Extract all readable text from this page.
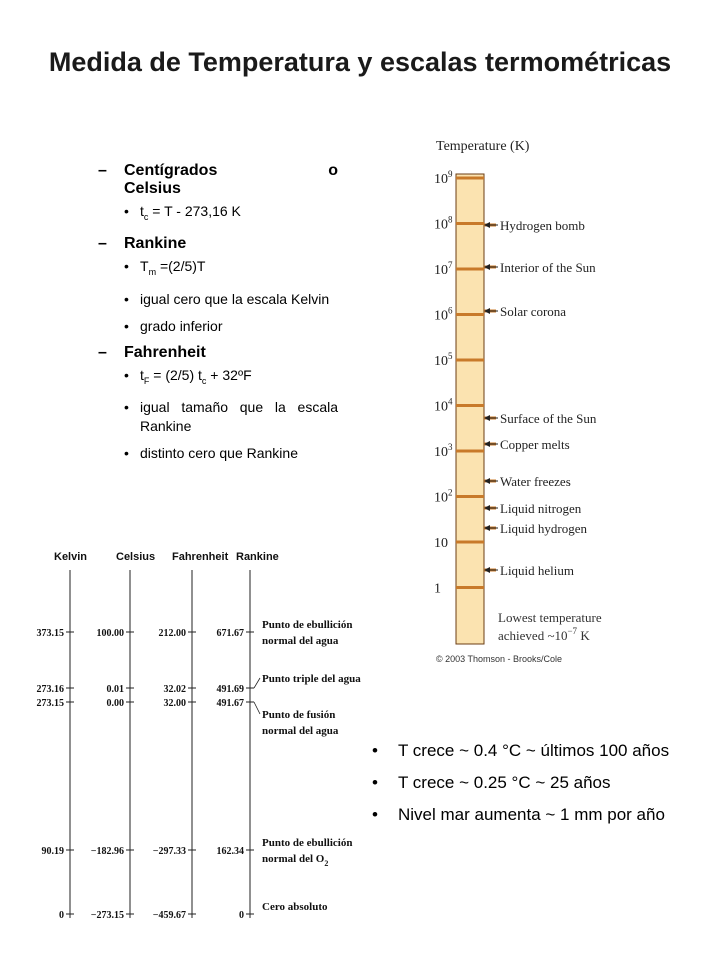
Medida de Temperatura y escalas termométricas
– Centígrados	o
Celsius
• $t_c = T - 273,16$ K
– Rankine
• $T_m =(2/5)T$
• igual cero que la escala Kelvin
• grado inferior
– Fahrenheit
• $t_F = (2/5) t_c$ + 32ºF
• igual tamaño que la escala Rankine
• distinto cero que Rankine
Temperature (K)
$10^9$
$10^8$
$10^7$
$10^6$
$10^5$
$10^4$
$10^3$
$10^2$
10
1
Hydrogen bomb
Interior of the Sun
Solar corona
Surface of the Sun
Copper melts
Water freezes
Liquid nitrogen
Liquid hydrogen
Liquid helium
Lowest temperature
achieved $\sim 10^{-7}$ K
© 2003 Thomson - Brooks/Cole
Kelvin	Celsius Fahrenheit Rankine
373.15	100.00	212.00	671.67
273.16	0.01	32.02	491.69
273.15	0.00	32.00	491.67
90.19	−182.96	−297.33	162.34
0	−273.15	−459.67	0
Punto de ebullición
normal del agua
Punto triple del agua
Punto de fusión
normal del agua
Punto de ebullición
normal del $O_2$
Cero absoluto
• T crece ~ 0.4 °C ~ últimos 100 años
• T crece ~ 0.25 °C ~ 25 años
• Nivel mar aumenta ~ 1 mm por año
